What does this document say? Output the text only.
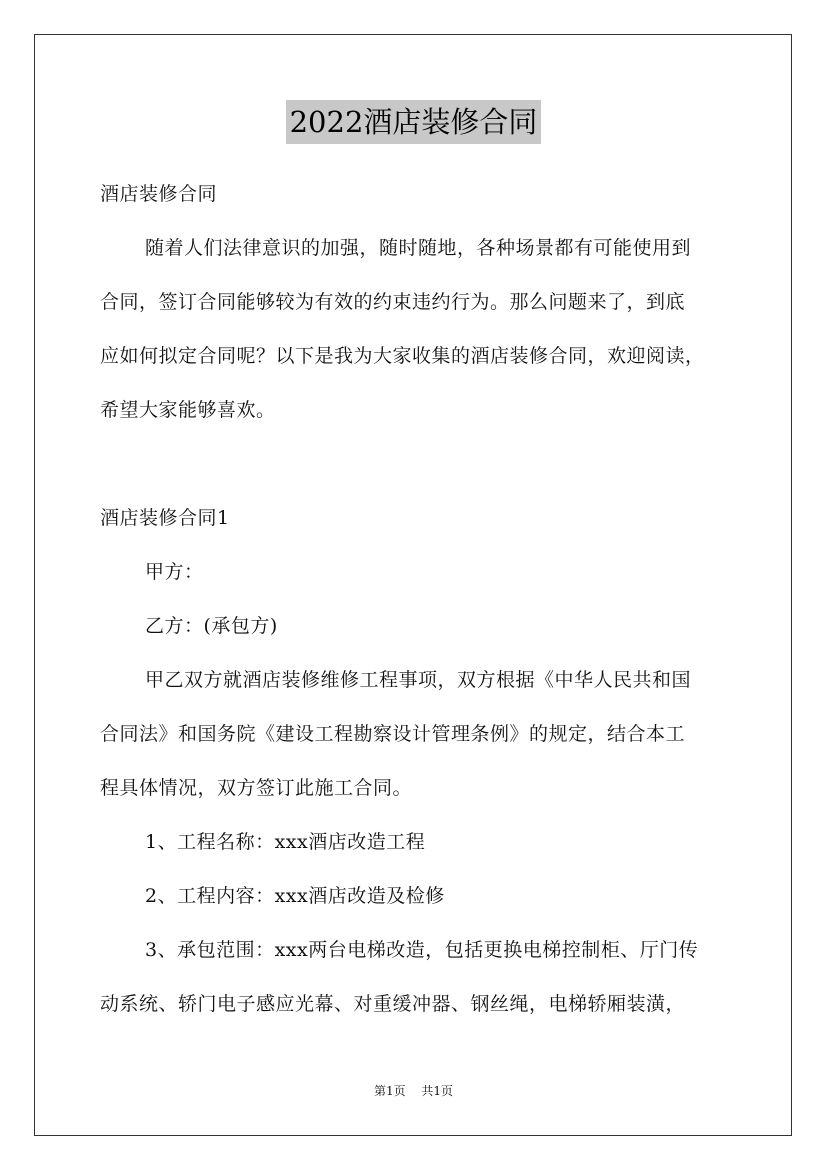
2022酒店装修合同
酒店装修合同
随着人们法律意识的加强，随时随地，各种场景都有可能使用到
合同，签订合同能够较为有效的约束违约行为。那么问题来了，到底
应如何拟定合同呢？以下是我为大家收集的酒店装修合同，欢迎阅读，
希望大家能够喜欢。
酒店装修合同1
甲方：
乙方：(承包方)
甲乙双方就酒店装修维修工程事项，双方根据《中华人民共和国
合同法》和国务院《建设工程勘察设计管理条例》的规定，结合本工
程具体情况，双方签订此施工合同。
1、工程名称：xxx酒店改造工程
2、工程内容：xxx酒店改造及检修
3、承包范围：xxx两台电梯改造，包括更换电梯控制柜、厅门传
动系统、轿门电子感应光幕、对重缓冲器、钢丝绳，电梯轿厢装潢，
第1页 共1页
